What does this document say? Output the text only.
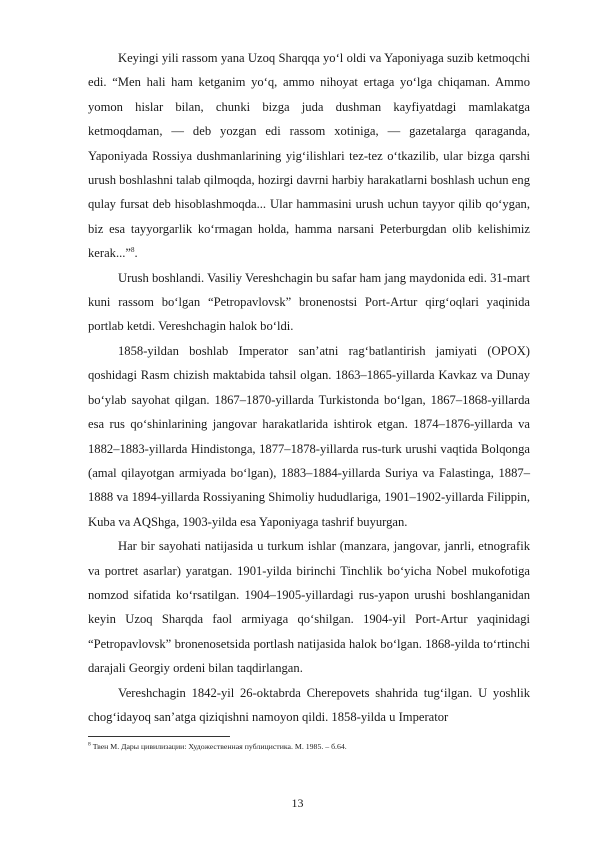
Keyingi yili rassom yana Uzoq Sharqqa yo‘l oldi va Yaponiyaga suzib ketmoqchi edi. “Men hali ham ketganim yo‘q, ammo nihoyat ertaga yo‘lga chiqaman. Ammo yomon hislar bilan, chunki bizga juda dushman kayfiyatdagi mamlakatga ketmoqdaman, — deb yozgan edi rassom xotiniga, — gazetalarga qaraganda, Yaponiyada Rossiya dushmanlarining yig‘ilishlari tez-tez o‘tkazilib, ular bizga qarshi urush boshlashni talab qilmoqda, hozirgi davrni harbiy harakatlarni boshlash uchun eng qulay fursat deb hisoblashmoqda... Ular hammasini urush uchun tayyor qilib qo‘ygan, biz esa tayyorgarlik ko‘rmagan holda, hamma narsani Peterburgdan olib kelishimiz kerak...”$^8$.

Urush boshlandi. Vasiliy Vereshchagin bu safar ham jang maydonida edi. 31-mart kuni rassom bo‘lgan “Petropavlovsk” bronenostsi Port-Artur qirg‘oqlari yaqinida portlab ketdi. Vereshchagin halok bo‘ldi.

1858-yildan boshlab Imperator san’atni rag‘batlantirish jamiyati (OPOX) qoshidagi Rasm chizish maktabida tahsil olgan. 1863–1865-yillarda Kavkaz va Dunay bo‘ylab sayohat qilgan. 1867–1870-yillarda Turkistonda bo‘lgan, 1867–1868-yillarda esa rus qo‘shinlarining jangovar harakatlarida ishtirok etgan. 1874–1876-yillarda va 1882–1883-yillarda Hindistonga, 1877–1878-yillarda rus-turk urushi vaqtida Bolqonga (amal qilayotgan armiyada bo‘lgan), 1883–1884-yillarda Suriya va Falastinga, 1887–1888 va 1894-yillarda Rossiyaning Shimoliy hududlariga, 1901–1902-yillarda Filippin, Kuba va AQShga, 1903-yilda esa Yaponiyaga tashrif buyurgan.

Har bir sayohati natijasida u turkum ishlar (manzara, jangovar, janrli, etnografik va portret asarlar) yaratgan. 1901-yilda birinchi Tinchlik bo‘yicha Nobel mukofotiga nomzod sifatida ko‘rsatilgan. 1904–1905-yillardagi rus-yapon urushi boshlanganidan keyin Uzoq Sharqda faol armiyaga qo‘shilgan. 1904-yil Port-Artur yaqinidagi “Petropavlovsk” bronenosetsida portlash natijasida halok bo‘lgan. 1868-yilda to‘rtinchi darajali Georgiy ordeni bilan taqdirlangan.

Vereshchagin 1842-yil 26-oktabrda Cherepovets shahrida tug‘ilgan. U yoshlik chog‘idayoq san’atga qiziqishni namoyon qildi. 1858-yilda u Imperator

$^8$ Твен М. Дары цивилизации: Художественная публицистика. М. 1985. – б.64.

13
